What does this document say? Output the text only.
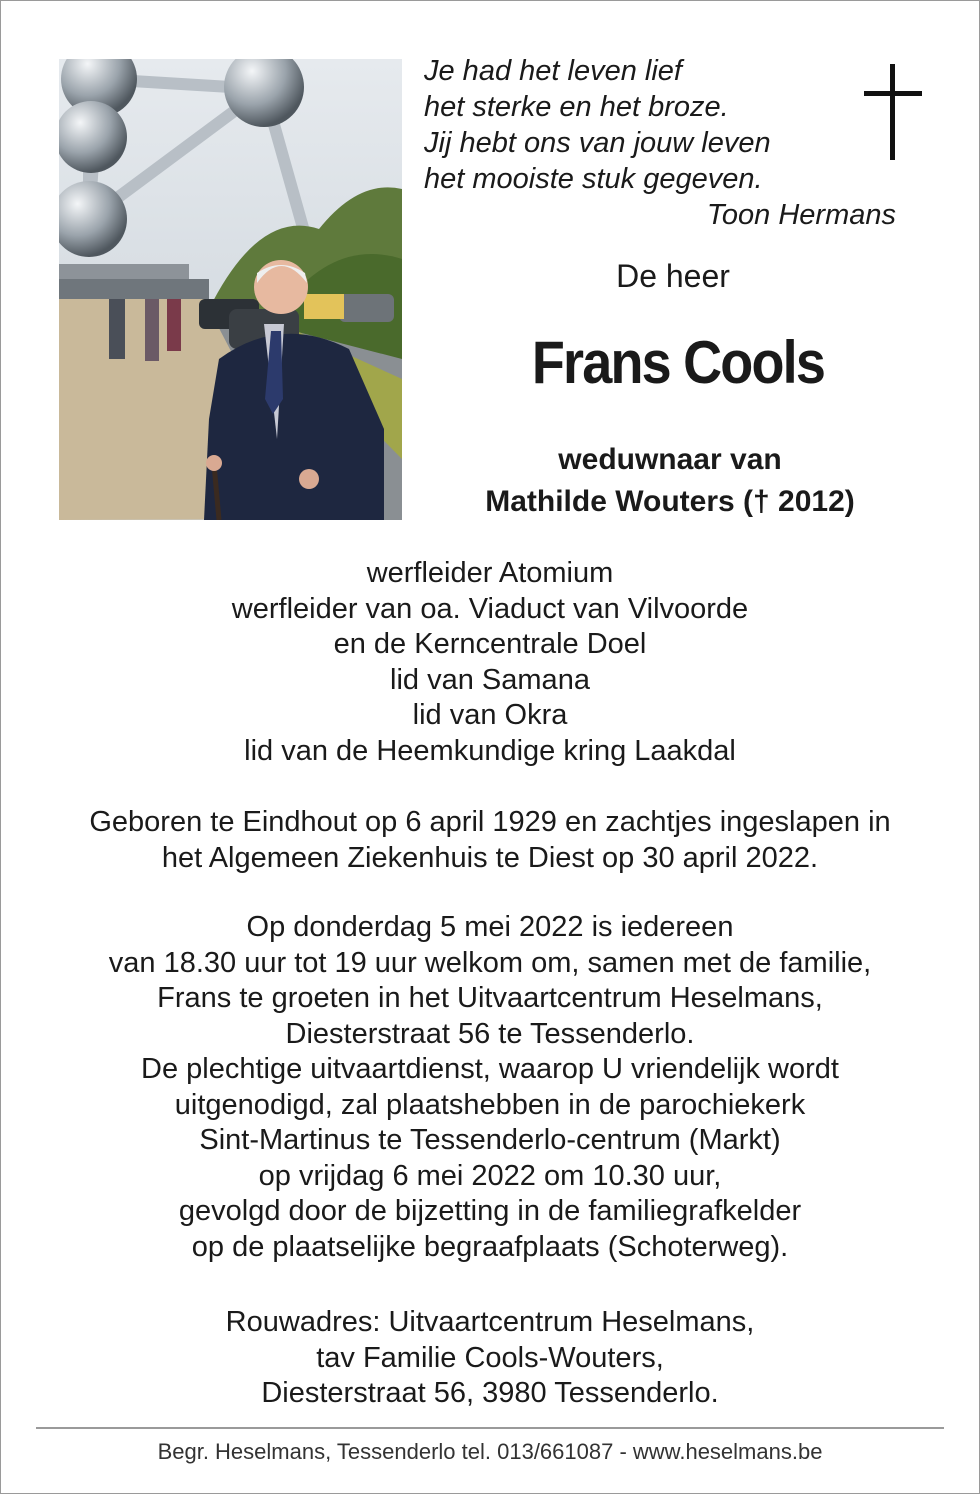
Je had het leven lief
het sterke en het broze.
Jij hebt ons van jouw leven
het mooiste stuk gegeven.
Toon Hermans
De heer
Frans Cools
weduwnaar van
Mathilde Wouters († 2012)
werfleider Atomium
werfleider van oa. Viaduct van Vilvoorde
en de Kerncentrale Doel
lid van Samana
lid van Okra
lid van de Heemkundige kring Laakdal
Geboren te Eindhout op 6 april 1929 en zachtjes ingeslapen in
het Algemeen Ziekenhuis te Diest op 30 april 2022.
Op donderdag 5 mei 2022 is iedereen
van 18.30 uur tot 19 uur welkom om, samen met de familie,
Frans te groeten in het Uitvaartcentrum Heselmans,
Diesterstraat 56 te Tessenderlo.
De plechtige uitvaartdienst, waarop U vriendelijk wordt
uitgenodigd, zal plaatshebben in de parochiekerk
Sint-Martinus te Tessenderlo-centrum (Markt)
op vrijdag 6 mei 2022 om 10.30 uur,
gevolgd door de bijzetting in de familiegrafkelder
op de plaatselijke begraafplaats (Schoterweg).
Rouwadres: Uitvaartcentrum Heselmans,
tav Familie Cools-Wouters,
Diesterstraat 56, 3980 Tessenderlo.
Begr. Heselmans, Tessenderlo tel. 013/661087 - www.heselmans.be
